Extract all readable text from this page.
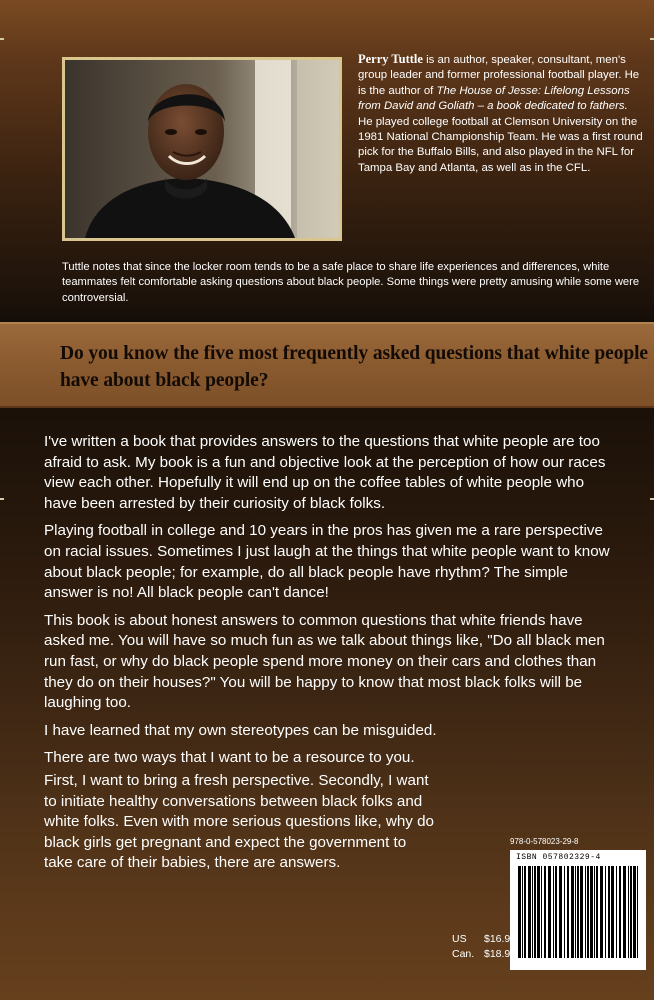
Perry Tuttle is an author, speaker, consultant, men's group leader and former professional football player. He is the author of The House of Jesse: Lifelong Lessons from David and Goliath – a book dedicated to fathers.
He played college football at Clemson University on the 1981 National Championship Team. He was a first round pick for the Buffalo Bills, and also played in the NFL for Tampa Bay and Atlanta, as well as in the CFL.
Tuttle notes that since the locker room tends to be a safe place to share life experiences and differences, white teammates felt comfortable asking questions about black people. Some things were pretty amusing while some were controversial.
Do you know the five most frequently asked questions that white people have about black people?

I've written a book that provides answers to the questions that white people are too afraid to ask. My book is a fun and objective look at the perception of how our races view each other. Hopefully it will end up on the coffee tables of white people who have been arrested by their curiosity of black folks.

Playing football in college and 10 years in the pros has given me a rare perspective on racial issues. Sometimes I just laugh at the things that white people want to know about black people; for example, do all black people have rhythm? The simple answer is no! All black people can't dance!

This book is about honest answers to common questions that white friends have asked me. You will have so much fun as we talk about things like, "Do all black men run fast, or why do black people spend more money on their cars and clothes than they do on their houses?" You will be happy to know that most black folks will be laughing too.

I have learned that my own stereotypes can be misguided.

There are two ways that I want to be a resource to you.

First, I want to bring a fresh perspective. Secondly, I want to initiate healthy conversations between black folks and white folks. Even with more serious questions like, why do black girls get pregnant and expect the government to take care of their babies, there are answers.

978-0-578023-29-8
ISBN 057802329-4
US $16.95
Can. $18.95
